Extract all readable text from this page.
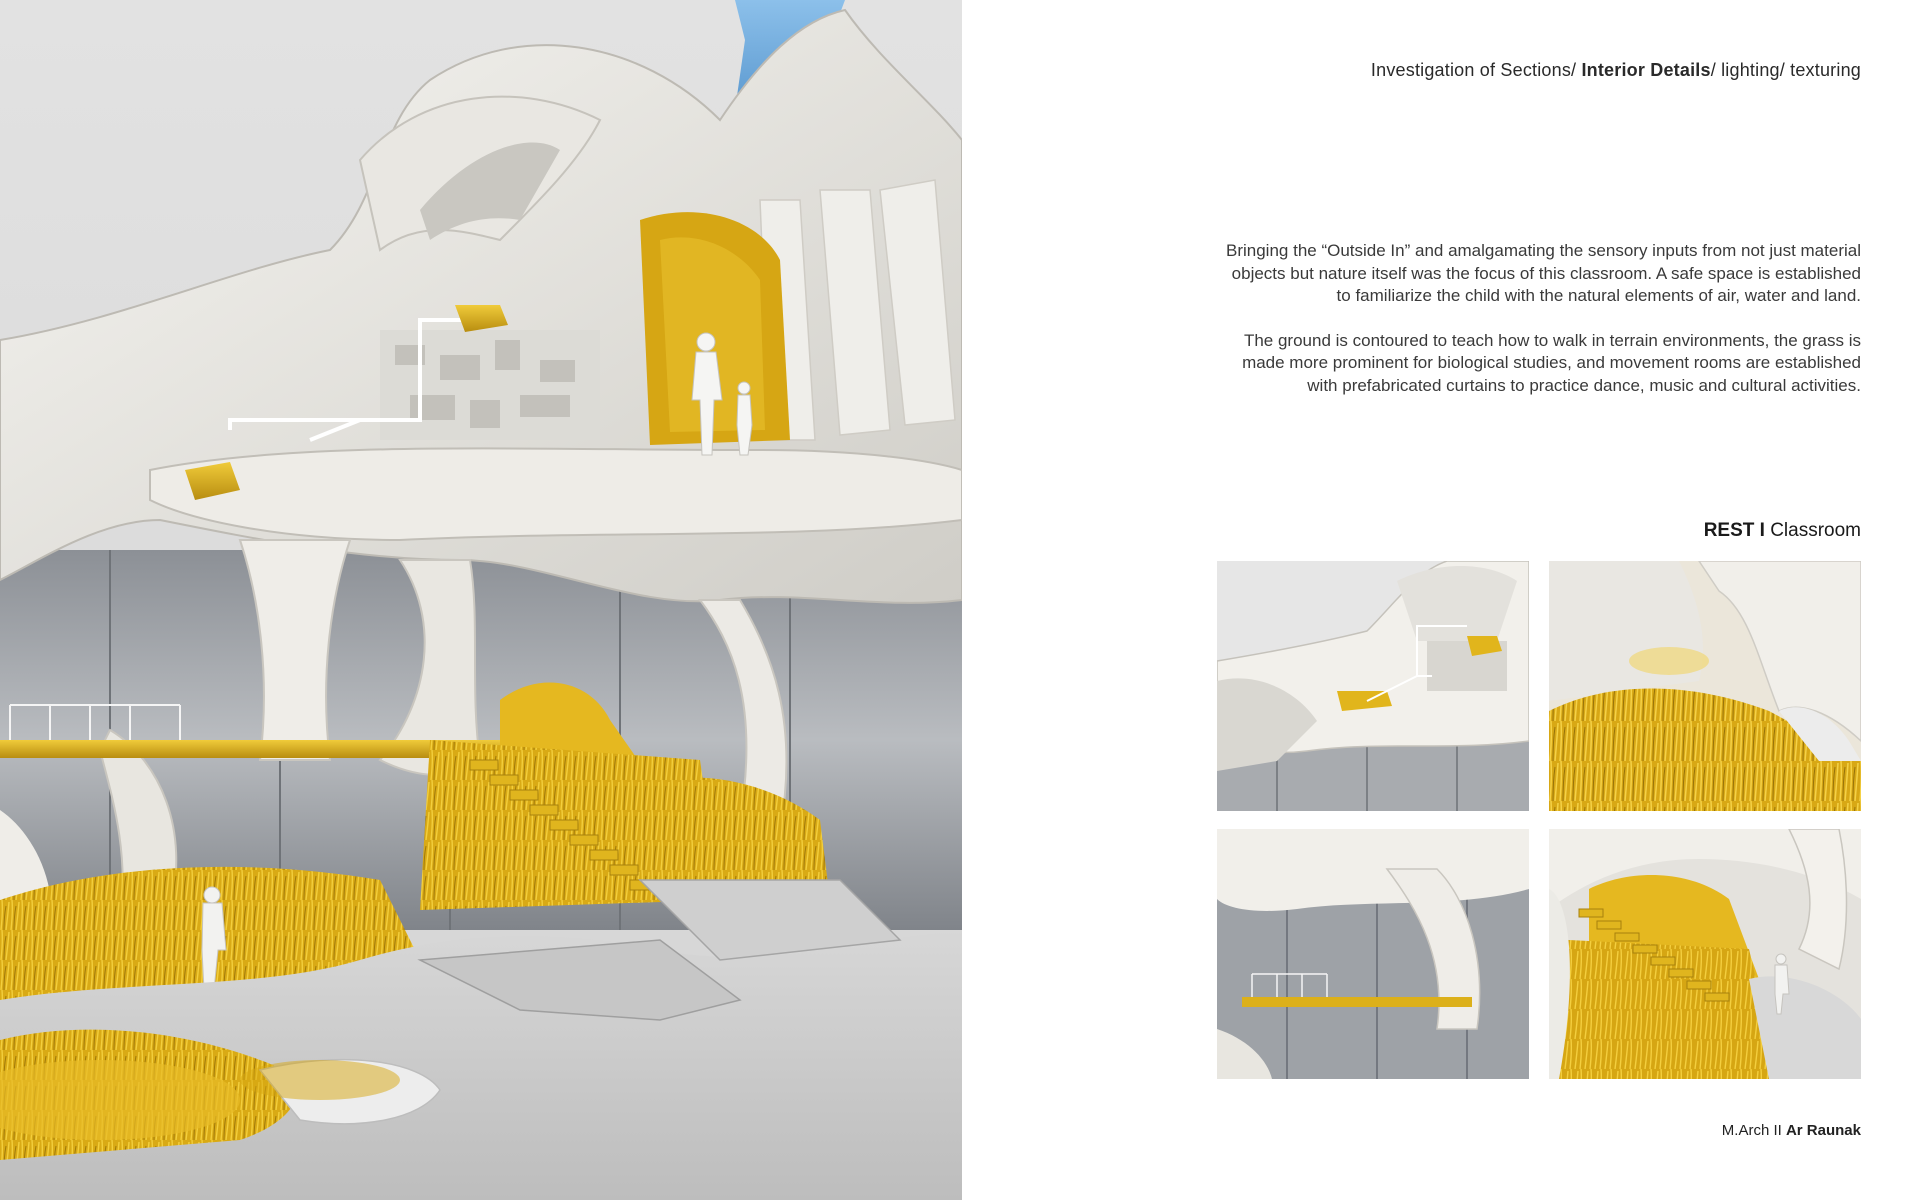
Investigation of Sections/ Interior Details/ lighting/ texturing

Bringing the “Outside In” and amalgamating the sensory inputs from not just material objects but nature itself was the focus of this classroom. A safe space is established to familiarize the child with the natural elements of air, water and land.

The ground is contoured to teach how to walk in terrain environments, the grass is made more prominent for biological studies, and movement rooms are established with prefabricated curtains to practice dance, music and cultural activities.

REST I Classroom
M.Arch II Ar Raunak
